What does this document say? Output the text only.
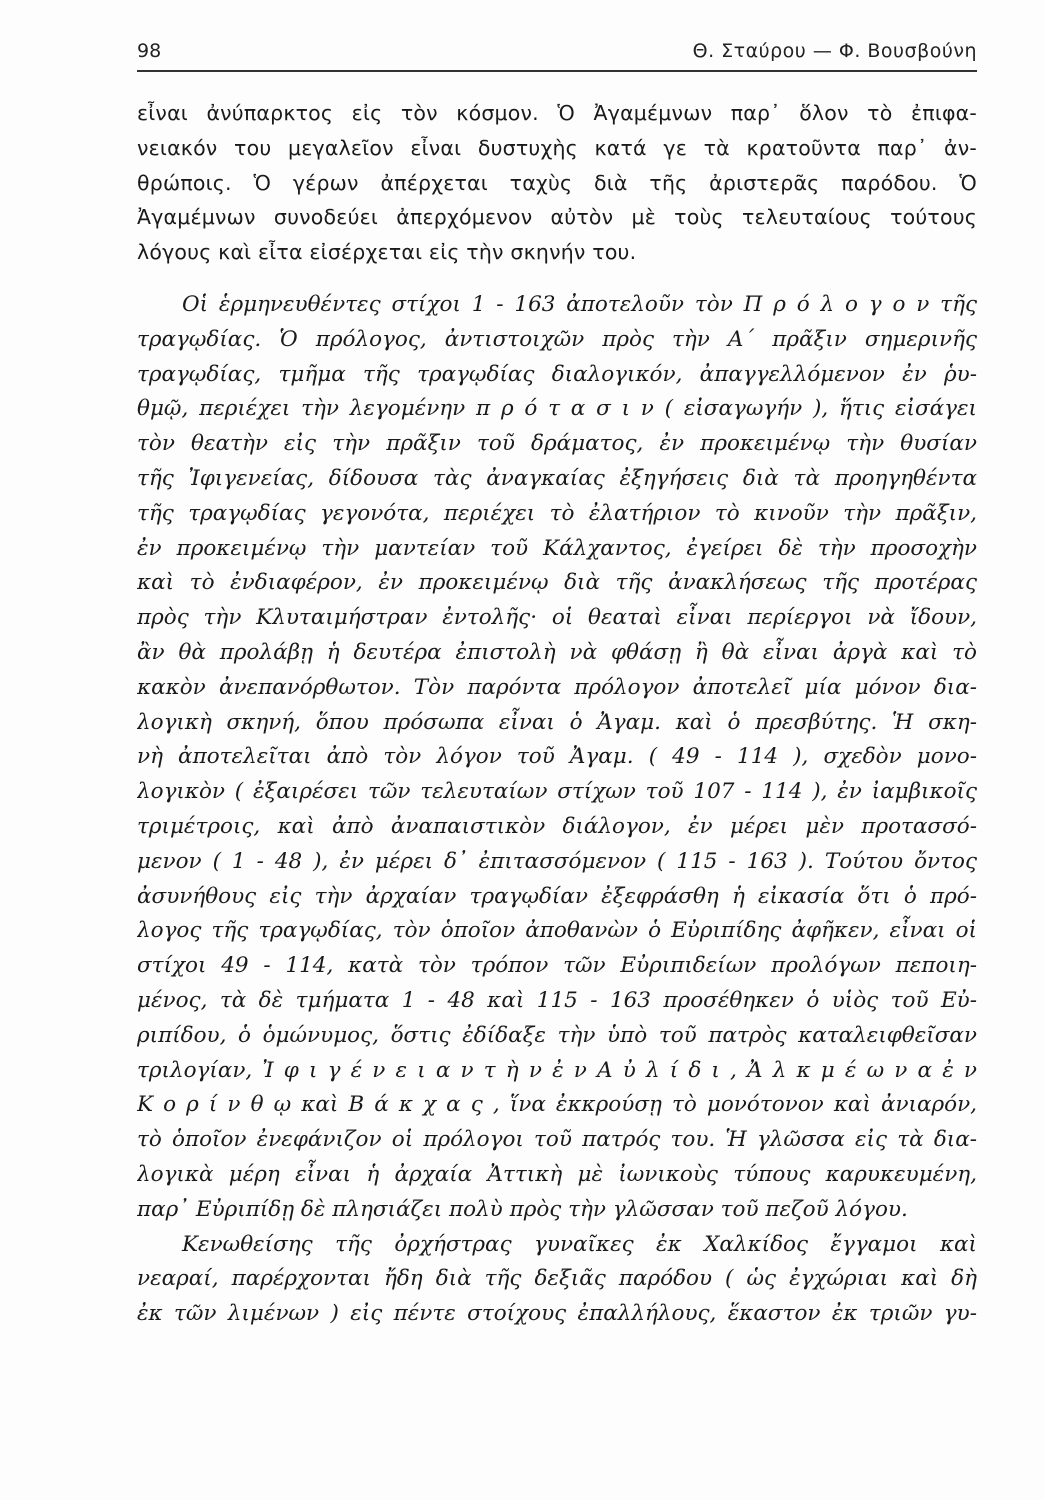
98	Θ. Σταύρου — Φ. Βουσβούνη
εἶναι ἀνύπαρκτος εἰς τὸν κόσμον. Ὁ Ἀγαμέμνων παρ᾽ ὅλον τὸ ἐπιφα-
νειακόν του μεγαλεῖον εἶναι δυστυχὴς κατά γε τὰ κρατοῦντα παρ᾽ ἀν-
θρώποις. Ὁ γέρων ἀπέρχεται ταχὺς διὰ τῆς ἀριστερᾶς παρόδου. Ὁ
Ἀγαμέμνων συνοδεύει ἀπερχόμενον αὐτὸν μὲ τοὺς τελευταίους τούτους
λόγους καὶ εἶτα εἰσέρχεται εἰς τὴν σκηνήν του.
Οἱ ἑρμηνευθέντες στίχοι 1 - 163 ἀποτελοῦν τὸν Π ρ ό λ ο γ ο ν τῆς
τραγῳδίας. Ὁ πρόλογος, ἀντιστοιχῶν πρὸς τὴν Α΄ πρᾶξιν σημερινῆς
τραγῳδίας, τμῆμα τῆς τραγῳδίας διαλογικόν, ἀπαγγελλόμενον ἐν ῥυ-
θμῷ, περιέχει τὴν λεγομένην π ρ ό τ α σ ι ν ( εἰσαγωγήν ), ἥτις εἰσάγει
τὸν θεατὴν εἰς τὴν πρᾶξιν τοῦ δράματος, ἐν προκειμένῳ τὴν θυσίαν
τῆς Ἰφιγενείας, δίδουσα τὰς ἀναγκαίας ἐξηγήσεις διὰ τὰ προηγηθέντα
τῆς τραγῳδίας γεγονότα, περιέχει τὸ ἐλατήριον τὸ κινοῦν τὴν πρᾶξιν,
ἐν προκειμένῳ τὴν μαντείαν τοῦ Κάλχαντος, ἐγείρει δὲ τὴν προσοχὴν
καὶ τὸ ἐνδιαφέρον, ἐν προκειμένῳ διὰ τῆς ἀνακλήσεως τῆς προτέρας
πρὸς τὴν Κλυταιμήστραν ἐντολῆς· οἱ θεαταὶ εἶναι περίεργοι νὰ ἴδουν,
ἂν θὰ προλάβῃ ἡ δευτέρα ἐπιστολὴ νὰ φθάσῃ ἢ θὰ εἶναι ἀργὰ καὶ τὸ
κακὸν ἀνεπανόρθωτον. Τὸν παρόντα πρόλογον ἀποτελεῖ μία μόνον δια-
λογικὴ σκηνή, ὅπου πρόσωπα εἶναι ὁ Ἀγαμ. καὶ ὁ πρεσβύτης. Ἡ σκη-
νὴ ἀποτελεῖται ἀπὸ τὸν λόγον τοῦ Ἀγαμ. ( 49 - 114 ), σχεδὸν μονο-
λογικὸν ( ἐξαιρέσει τῶν τελευταίων στίχων τοῦ 107 - 114 ), ἐν ἰαμβικοῖς
τριμέτροις, καὶ ἀπὸ ἀναπαιστικὸν διάλογον, ἐν μέρει μὲν προτασσό-
μενον ( 1 - 48 ), ἐν μέρει δ᾽ ἐπιτασσόμενον ( 115 - 163 ). Τούτου ὄντος
ἀσυνήθους εἰς τὴν ἀρχαίαν τραγῳδίαν ἐξεφράσθη ἡ εἰκασία ὅτι ὁ πρό-
λογος τῆς τραγῳδίας, τὸν ὁποῖον ἀποθανὼν ὁ Εὐριπίδης ἀφῆκεν, εἶναι οἱ
στίχοι 49 - 114, κατὰ τὸν τρόπον τῶν Εὐριπιδείων προλόγων πεποιη-
μένος, τὰ δὲ τμήματα 1 - 48 καὶ 115 - 163 προσέθηκεν ὁ υἱὸς τοῦ Εὐ-
ριπίδου, ὁ ὁμώνυμος, ὅστις ἐδίδαξε τὴν ὑπὸ τοῦ πατρὸς καταλειφθεῖσαν
τριλογίαν, Ἰ φ ι γ έ ν ε ι α ν τ ὴ ν ἐ ν Α ὐ λ ί δ ι , Ἀ λ κ μ έ ω ν α ἐ ν
Κ ο ρ ί ν θ ῳ καὶ Β ά κ χ α ς , ἵνα ἐκκρούσῃ τὸ μονότονον καὶ ἀνιαρόν,
τὸ ὁποῖον ἐνεφάνιζον οἱ πρόλογοι τοῦ πατρός του. Ἡ γλῶσσα εἰς τὰ δια-
λογικὰ μέρη εἶναι ἡ ἀρχαία Ἀττικὴ μὲ ἰωνικοὺς τύπους καρυκευμένη,
παρ᾽ Εὐριπίδῃ δὲ πλησιάζει πολὺ πρὸς τὴν γλῶσσαν τοῦ πεζοῦ λόγου.
Κενωθείσης τῆς ὀρχήστρας γυναῖκες ἐκ Χαλκίδος ἔγγαμοι καὶ
νεαραί, παρέρχονται ἤδη διὰ τῆς δεξιᾶς παρόδου ( ὡς ἐγχώριαι καὶ δὴ
ἐκ τῶν λιμένων ) εἰς πέντε στοίχους ἐπαλλήλους, ἕκαστον ἐκ τριῶν γυ-
